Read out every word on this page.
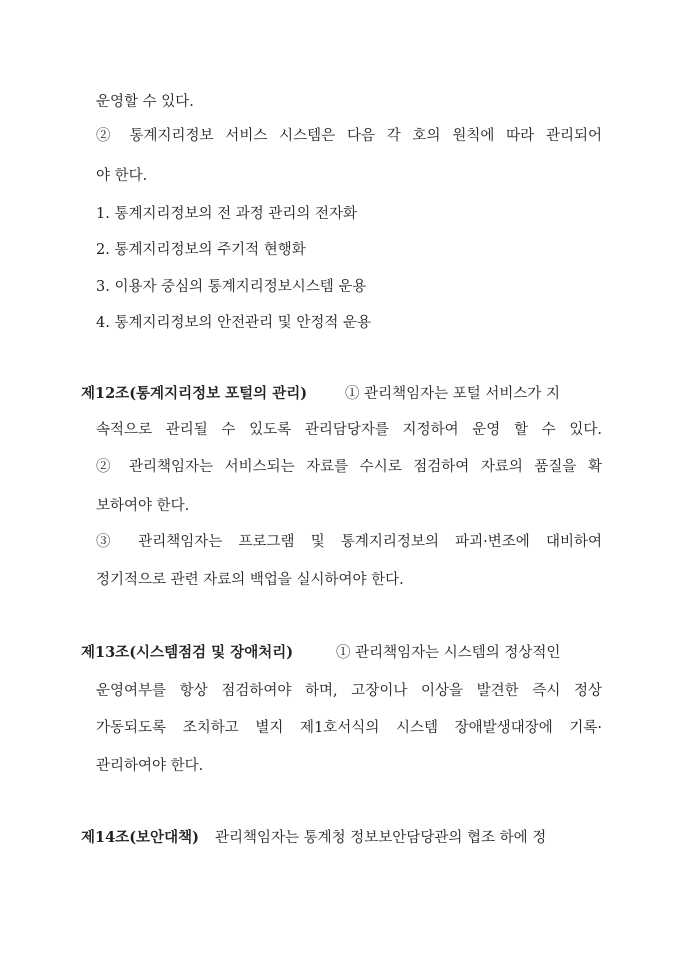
운영할 수 있다.

② 통계지리정보 서비스 시스템은 다음 각 호의 원칙에 따라 관리되어

야 한다.

1. 통계지리정보의 전 과정 관리의 전자화

2. 통계지리정보의 주기적 현행화

3. 이용자 중심의 통계지리정보시스템 운용

4. 통계지리정보의 안전관리 및 안정적 운용

제12조(통계지리정보 포털의 관리)	① 관리책임자는 포털 서비스가 지

속적으로 관리될 수 있도록 관리담당자를 지정하여 운영 할 수 있다.

② 관리책임자는 서비스되는 자료를 수시로 점검하여 자료의 품질을 확

보하여야 한다.

③ 관리책임자는 프로그램 및 통계지리정보의 파괴·변조에 대비하여

정기적으로 관련 자료의 백업을 실시하여야 한다.

제13조(시스템점검 및 장애처리)	① 관리책임자는 시스템의 정상적인

운영여부를 항상 점검하여야 하며, 고장이나 이상을 발견한 즉시 정상

가동되도록 조치하고 별지 제1호서식의 시스템 장애발생대장에 기록·

관리하여야 한다.

제14조(보안대책) 관리책임자는 통계청 정보보안담당관의 협조 하에 정
